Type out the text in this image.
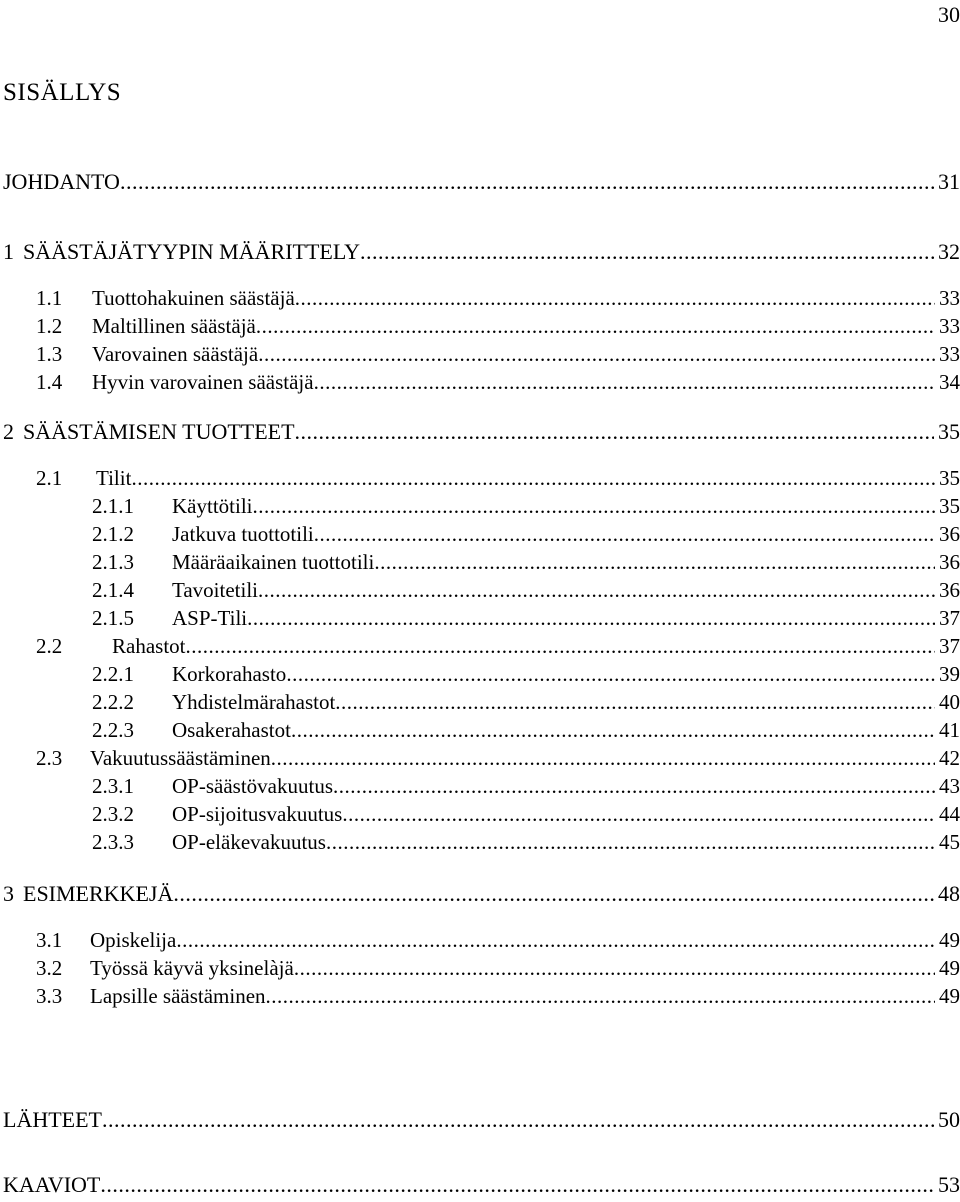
30
SISÄLLYS
JOHDANTO .....	31
1 SÄÄSTÄJÄTYYPIN MÄÄRITTELY .....	32
1.1	Tuottohakuinen säästäjä .....	33
1.2	Maltillinen säästäjä .....	33
1.3	Varovainen säästäjä .....	33
1.4	Hyvin varovainen säästäjä .....	34
2 SÄÄSTÄMISEN TUOTTEET .....	35
2.1	Tilit .....	35
2.1.1	Käyttötili .....	35
2.1.2	Jatkuva tuottotili .....	36
2.1.3	Määräaikainen tuottotili .....	36
2.1.4	Tavoitetili .....	36
2.1.5	ASP-Tili .....	37
2.2	Rahastot .....	37
2.2.1	Korkorahasto .....	39
2.2.2	Yhdistelmärahastot .....	40
2.2.3	Osakerahastot .....	41
2.3	Vakuutussäästäminen .....	42
2.3.1	OP-säästövakuutus .....	43
2.3.2	OP-sijoitusvakuutus .....	44
2.3.3	OP-eläkevakuutus .....	45
3 ESIMERKKEJÄ .....	48
3.1	Opiskelija .....	49
3.2	Työssä käyvä yksinelàjä .....	49
3.3	Lapsille säästäminen .....	49
LÄHTEET .....	50
KAAVIOT .....	53
